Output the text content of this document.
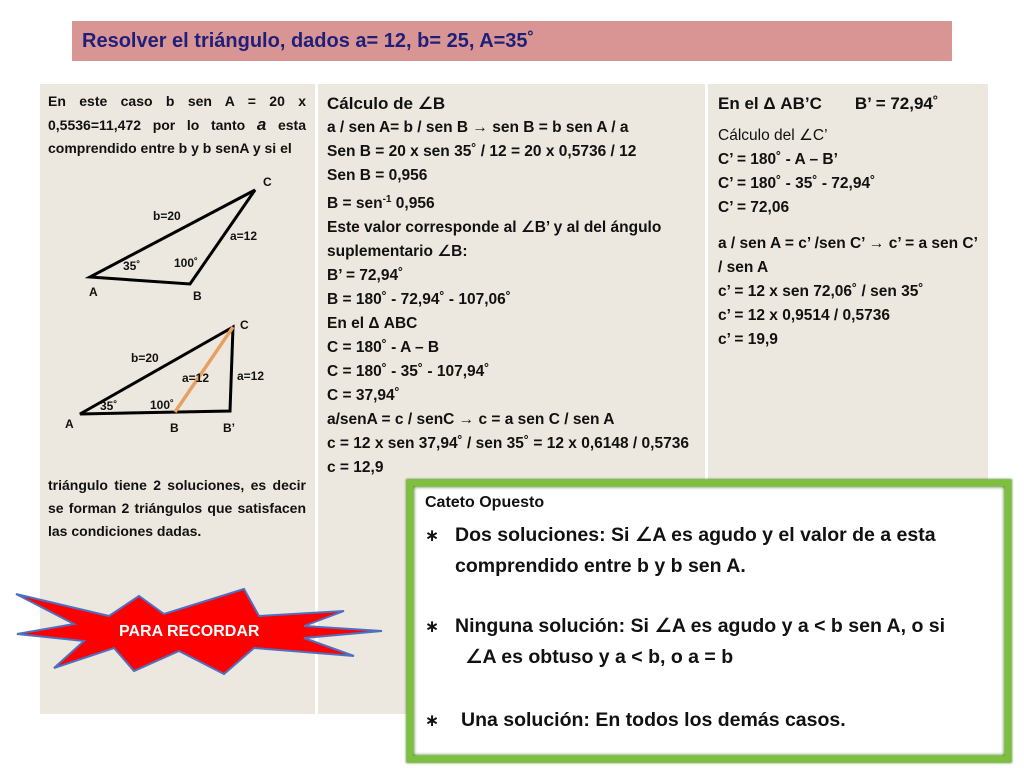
Resolver el triángulo, dados a= 12, b= 25, A=35˚
En este caso b sen A = 20 x 0,5536=11,472 por lo tanto a esta comprendido entre b y b senA y si el
C
b=20
a=12
35˚	100˚
A	B
C
b=20
a=12 a=12
35˚	100˚
A	B	B’
triángulo tiene 2 soluciones, es decir se forman 2 triángulos que satisfacen las condiciones dadas.
Cálculo de ∠B
a / sen A= b / sen B → sen B = b sen A / a
Sen B = 20 x sen 35˚ / 12 = 20 x 0,5736 / 12
Sen B = 0,956
B = sen$^{-1}$ 0,956
Este valor corresponde al ∠B’ y al del ángulo suplementario ∠B:
B’ = 72,94˚
B = 180˚ - 72,94˚ - 107,06˚
En el Δ ABC
C = 180˚ - A – B
C = 180˚ - 35˚ - 107,94˚
C = 37,94˚
a/senA = c / senC → c = a sen C / sen A
c = 12 x sen 37,94˚ / sen 35˚ = 12 x 0,6148 / 0,5736
c = 12,9
En el Δ AB’C       B’ = 72,94˚
Cálculo del ∠C’
C’ = 180˚ - A – B’
C’ = 180˚ - 35˚ - 72,94˚
C’ = 72,06
a / sen A = c’ /sen C’ → c’ = a sen C’ / sen A
c’ = 12 x sen 72,06˚ / sen 35˚
c’ = 12 x 0,9514 / 0,5736
c’ = 19,9
Cateto Opuesto
∗ Dos soluciones: Si ∠A es agudo y el valor de a esta
comprendido entre b y b sen A.
∗ Ninguna solución: Si ∠A es agudo y a < b sen A, o si
∠A es obtuso y a < b, o a = b
∗ Una solución: En todos los demás casos.
PARA RECORDAR
